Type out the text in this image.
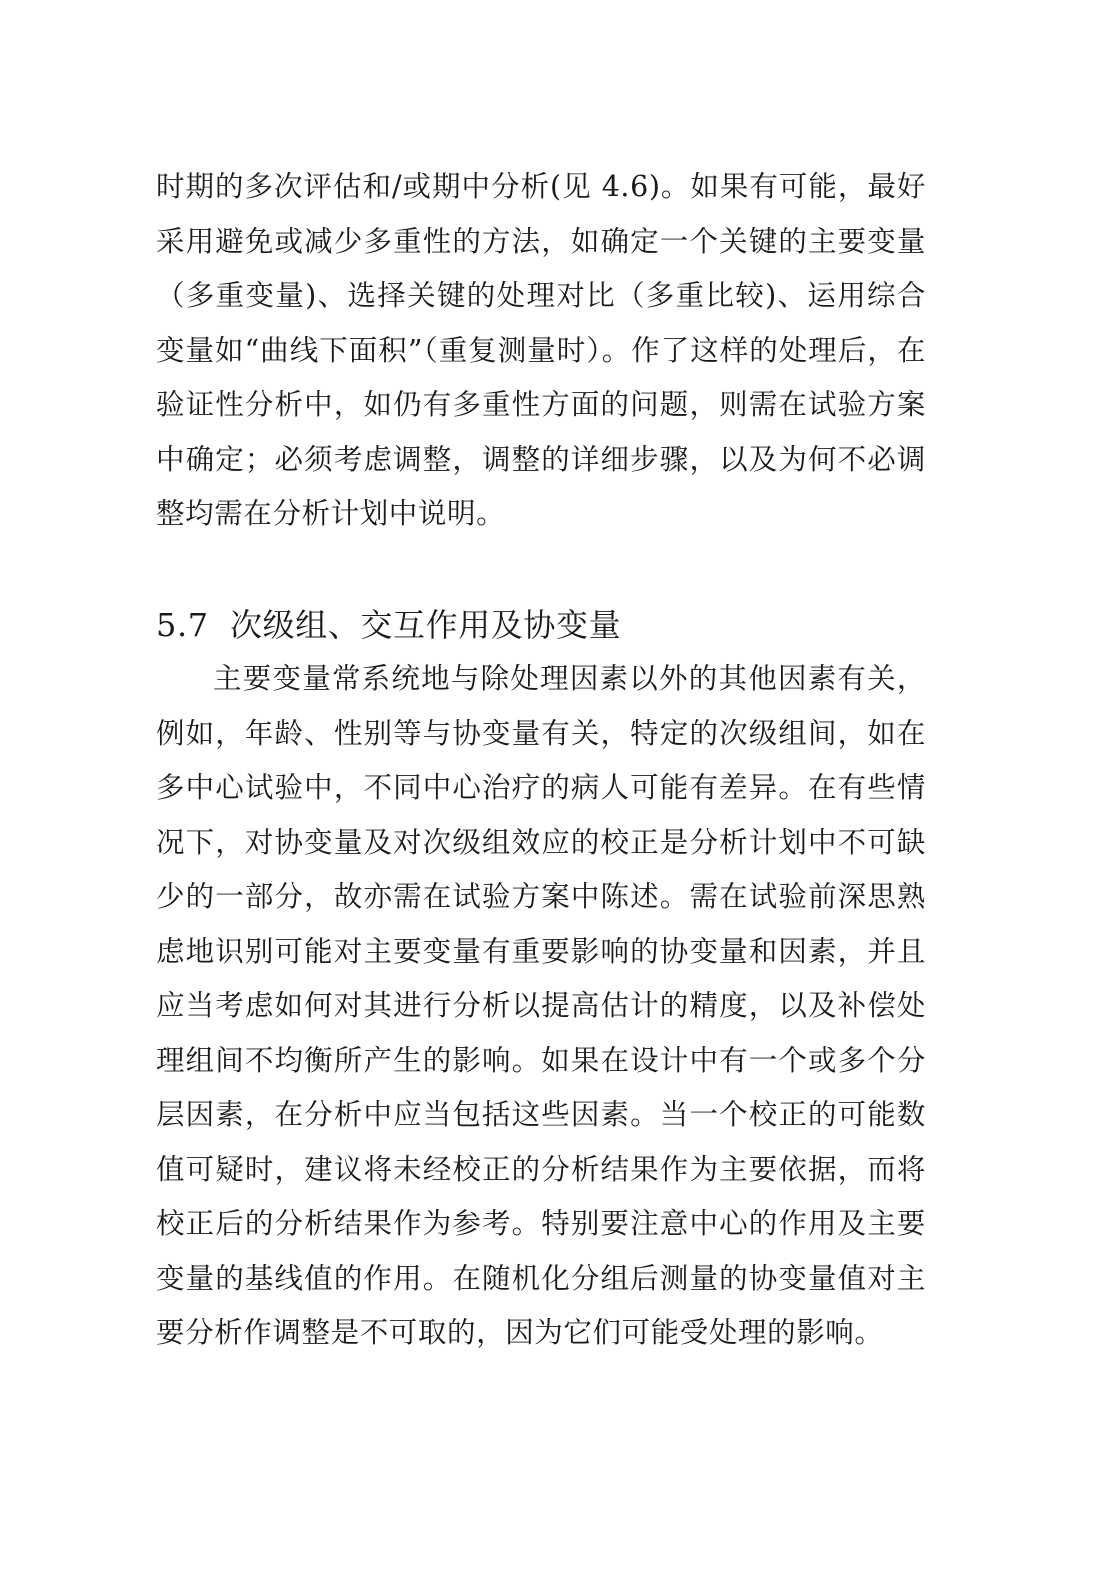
时期的多次评估和/或期中分析(见 4.6)。如果有可能，最好采用避免或减少多重性的方法，如确定一个关键的主要变量（多重变量)、选择关键的处理对比（多重比较)、运用综合变量如“曲线下面积”（重复测量时）。作了这样的处理后，在验证性分析中，如仍有多重性方面的问题，则需在试验方案中确定；必须考虑调整，调整的详细步骤，以及为何不必调整均需在分析计划中说明。

5.7 次级组、交互作用及协变量

主要变量常系统地与除处理因素以外的其他因素有关，例如，年龄、性别等与协变量有关，特定的次级组间，如在多中心试验中，不同中心治疗的病人可能有差异。在有些情况下，对协变量及对次级组效应的校正是分析计划中不可缺少的一部分，故亦需在试验方案中陈述。需在试验前深思熟虑地识别可能对主要变量有重要影响的协变量和因素，并且应当考虑如何对其进行分析以提高估计的精度，以及补偿处理组间不均衡所产生的影响。如果在设计中有一个或多个分层因素，在分析中应当包括这些因素。当一个校正的可能数值可疑时，建议将未经校正的分析结果作为主要依据，而将校正后的分析结果作为参考。特别要注意中心的作用及主要变量的基线值的作用。在随机化分组后测量的协变量值对主要分析作调整是不可取的，因为它们可能受处理的影响。
